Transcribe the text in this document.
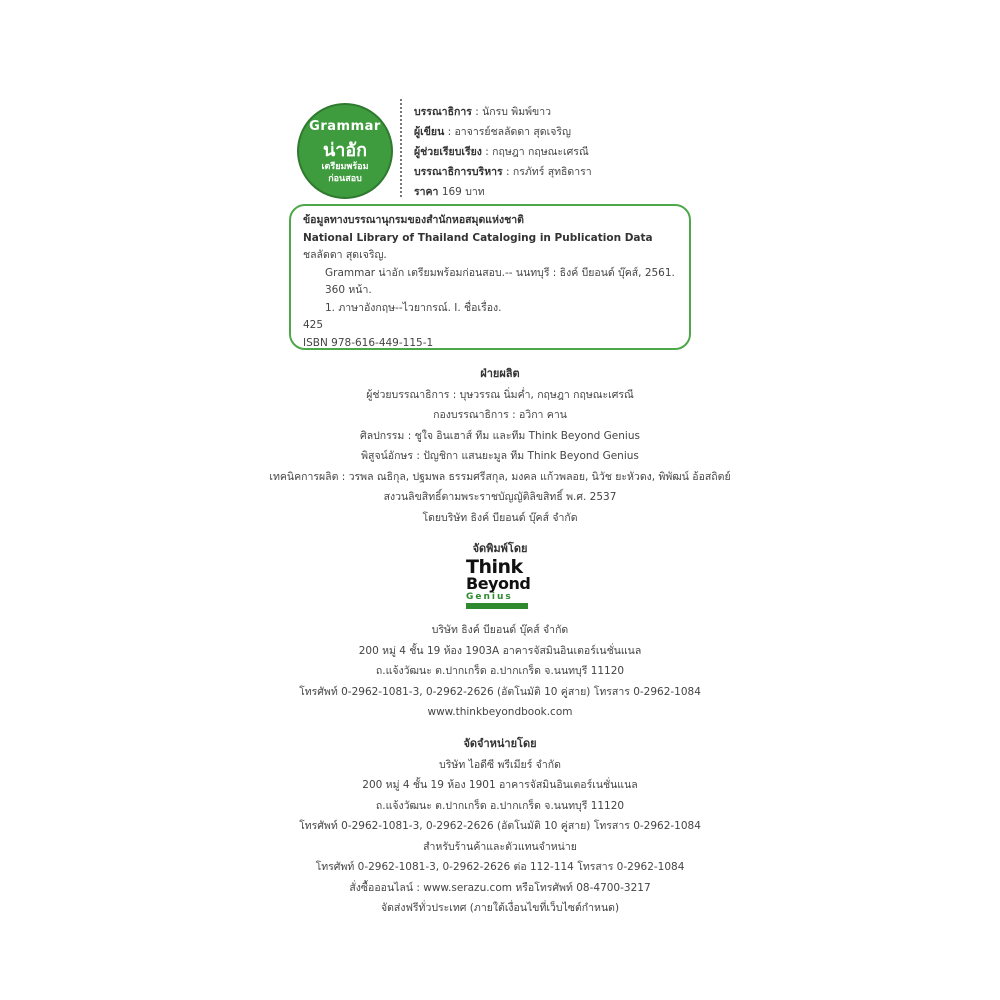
Grammar
น่าอัก
เตรียมพร้อม
ก่อนสอบ
บรรณาธิการ : นักรบ พิมพ์ขาว
ผู้เขียน : อาจารย์ชลลัดดา สุดเจริญ
ผู้ช่วยเรียบเรียง : กฤษฎา กฤษณะเศรณี
บรรณาธิการบริหาร : กรภัทร์ สุทธิดารา
ราคา 169 บาท
ข้อมูลทางบรรณานุกรมของสำนักหอสมุดแห่งชาติ
National Library of Thailand Cataloging in Publication Data
ชลลัดดา สุดเจริญ.
Grammar น่าอัก เตรียมพร้อมก่อนสอบ.-- นนทบุรี : ธิงค์ บียอนด์ บุ๊คส์, 2561.
360 หน้า.
1. ภาษาอังกฤษ--ไวยากรณ์. I. ชื่อเรื่อง.
425
ISBN 978-616-449-115-1
ฝ่ายผลิต
ผู้ช่วยบรรณาธิการ : บุษวรรณ นิ่มค่ำ, กฤษฎา กฤษณะเศรณี
กองบรรณาธิการ : อวิกา คาน
ศิลปกรรม : ชูใจ อินเฮาส์ ทีม และทีม Think Beyond Genius
พิสูจน์อักษร : ปัญชิกา แสนยะมูล ทีม Think Beyond Genius
เทคนิคการผลิต : วรพล ณธิกุล, ปฐมพล ธรรมศรีสกุล, มงคล แก้วพลอย, นิวัช ยะหัวดง, พิพัฒน์ อ้อสถิตย์
สงวนลิขสิทธิ์ตามพระราชบัญญัติลิขสิทธิ์ พ.ศ. 2537
โดยบริษัท ธิงค์ บียอนด์ บุ๊คส์ จำกัด
จัดพิมพ์โดย
Think
Beyond
Genius
บริษัท ธิงค์ บียอนด์ บุ๊คส์ จำกัด
200 หมู่ 4 ชั้น 19 ห้อง 1903A อาคารจัสมินอินเตอร์เนชั่นแนล
ถ.แจ้งวัฒนะ ต.ปากเกร็ด อ.ปากเกร็ด จ.นนทบุรี 11120
โทรศัพท์ 0-2962-1081-3, 0-2962-2626 (อัตโนมัติ 10 คู่สาย) โทรสาร 0-2962-1084
www.thinkbeyondbook.com
จัดจำหน่ายโดย
บริษัท ไอดีซี พรีเมียร์ จำกัด
200 หมู่ 4 ชั้น 19 ห้อง 1901 อาคารจัสมินอินเตอร์เนชั่นแนล
ถ.แจ้งวัฒนะ ต.ปากเกร็ด อ.ปากเกร็ด จ.นนทบุรี 11120
โทรศัพท์ 0-2962-1081-3, 0-2962-2626 (อัตโนมัติ 10 คู่สาย) โทรสาร 0-2962-1084
สำหรับร้านค้าและตัวแทนจำหน่าย
โทรศัพท์ 0-2962-1081-3, 0-2962-2626 ต่อ 112-114 โทรสาร 0-2962-1084
สั่งซื้อออนไลน์ : www.serazu.com หรือโทรศัพท์ 08-4700-3217
จัดส่งฟรีทั่วประเทศ (ภายใต้เงื่อนไขที่เว็บไซต์กำหนด)
